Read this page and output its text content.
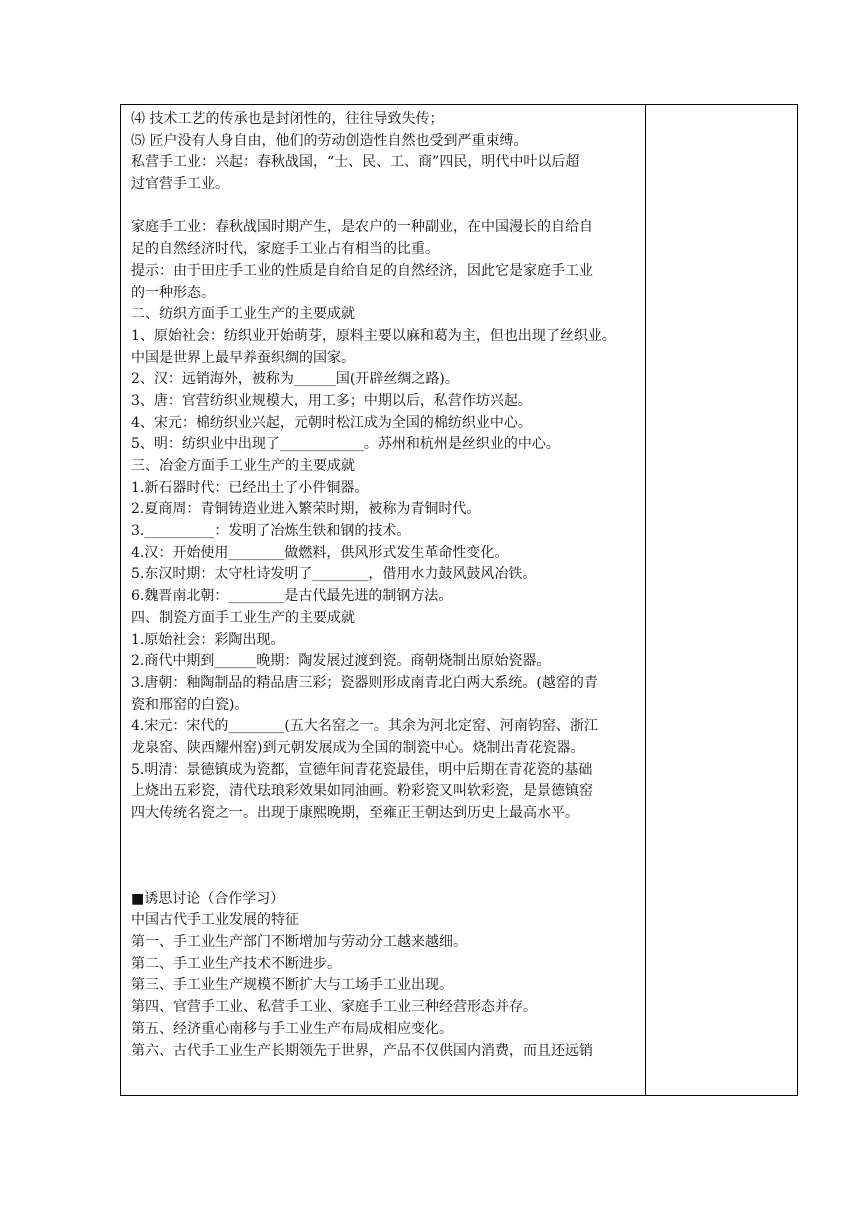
⑷ 技术工艺的传承也是封闭性的，往往导致失传；
⑸ 匠户没有人身自由，他们的劳动创造性自然也受到严重束缚。
私营手工业：兴起：春秋战国，“士、民、工、商”四民，明代中叶以后超
过官营手工业。
家庭手工业：春秋战国时期产生，是农户的一种副业，在中国漫长的自给自
足的自然经济时代，家庭手工业占有相当的比重。
提示：由于田庄手工业的性质是自给自足的自然经济，因此它是家庭手工业
的一种形态。
二、纺织方面手工业生产的主要成就
1、原始社会：纺织业开始萌芽，原料主要以麻和葛为主，但也出现了丝织业。
中国是世界上最早养蚕织绸的国家。
2、汉：远销海外，被称为______国(开辟丝绸之路)。
3、唐：官营纺织业规模大，用工多；中期以后，私营作坊兴起。
4、宋元：棉纺织业兴起，元朝时松江成为全国的棉纺织业中心。
5、明：纺织业中出现了____________。苏州和杭州是丝织业的中心。
三、冶金方面手工业生产的主要成就
1.新石器时代：已经出土了小件铜器。
2.夏商周：青铜铸造业进入繁荣时期，被称为青铜时代。
3.__________：发明了冶炼生铁和钢的技术。
4.汉：开始使用________做燃料，供风形式发生革命性变化。
5.东汉时期：太守杜诗发明了________，借用水力鼓风鼓风冶铁。
6.魏晋南北朝：________是古代最先进的制钢方法。
四、制瓷方面手工业生产的主要成就
1.原始社会：彩陶出现。
2.商代中期到______晚期：陶发展过渡到瓷。商朝烧制出原始瓷器。
3.唐朝：釉陶制品的精品唐三彩；瓷器则形成南青北白两大系统。(越窑的青
瓷和邢窑的白瓷)。
4.宋元：宋代的________(五大名窑之一。其余为河北定窑、河南钧窑、浙江
龙泉窑、陕西耀州窑)到元朝发展成为全国的制瓷中心。烧制出青花瓷器。
5.明清：景德镇成为瓷都，宣德年间青花瓷最佳，明中后期在青花瓷的基础
上烧出五彩瓷，清代珐琅彩效果如同油画。粉彩瓷又叫软彩瓷，是景德镇窑
四大传统名瓷之一。出现于康熙晚期，至雍正王朝达到历史上最高水平。
■诱思讨论（合作学习）
中国古代手工业发展的特征
第一、手工业生产部门不断增加与劳动分工越来越细。
第二、手工业生产技术不断进步。
第三、手工业生产规模不断扩大与工场手工业出现。
第四、官营手工业、私营手工业、家庭手工业三种经营形态并存。
第五、经济重心南移与手工业生产布局成相应变化。
第六、古代手工业生产长期领先于世界，产品不仅供国内消费，而且还远销
